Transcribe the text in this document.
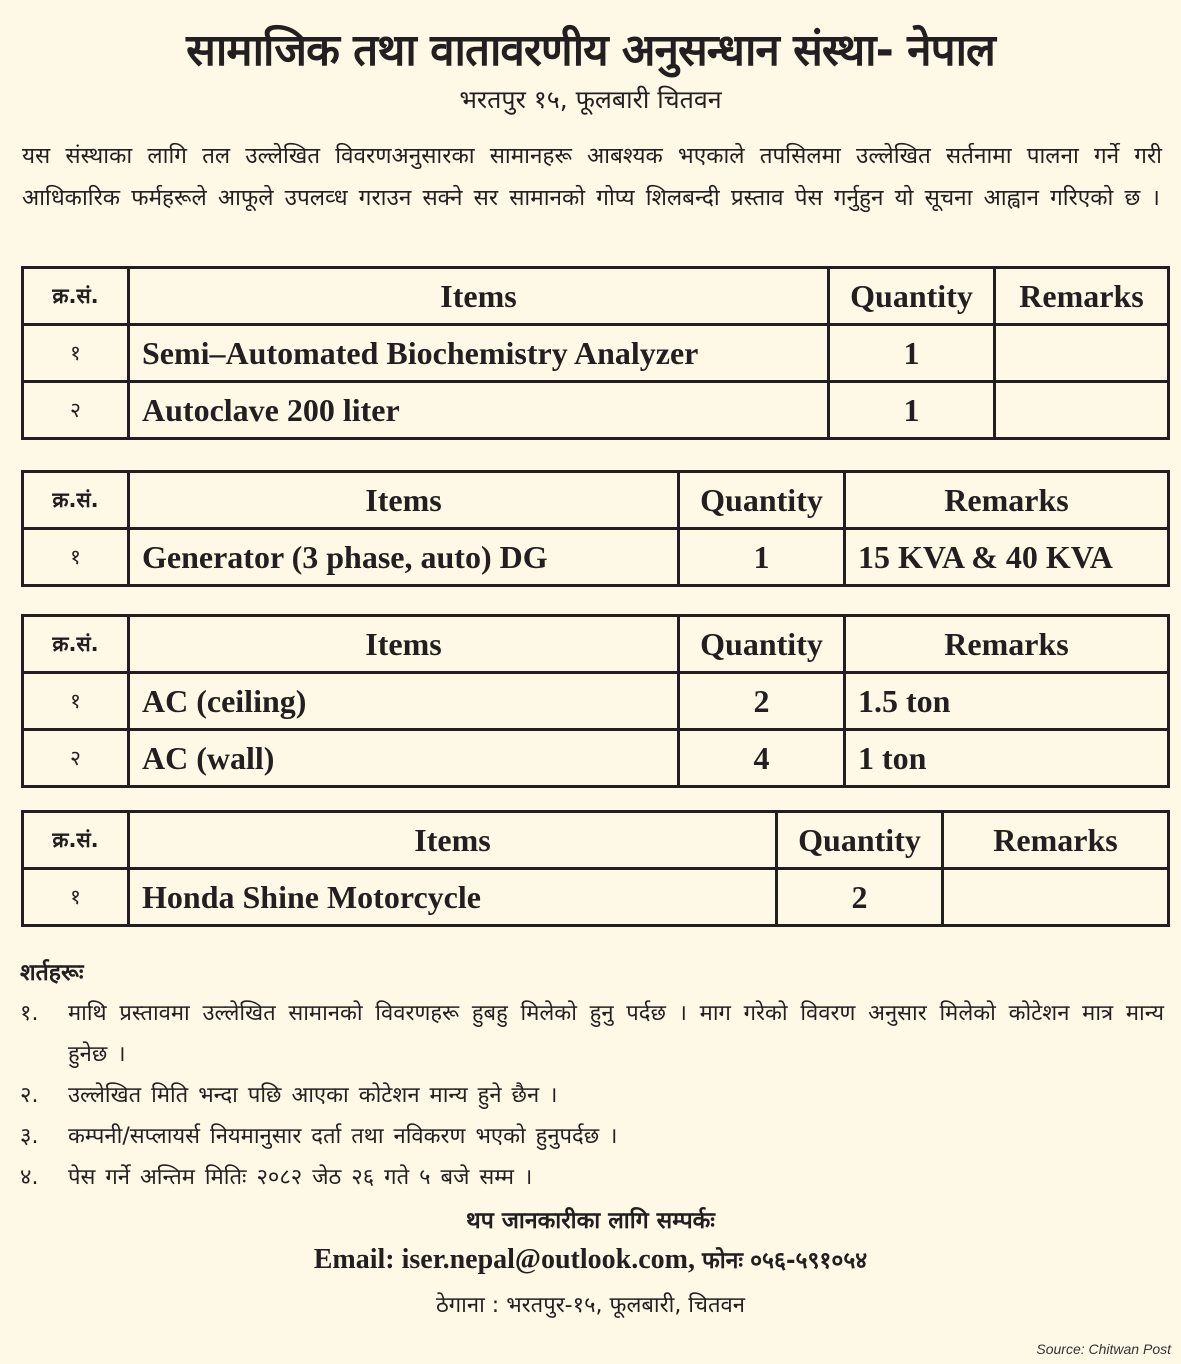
सामाजिक तथा वातावरणीय अनुसन्धान संस्था- नेपाल
भरतपुर १५, फूलबारी चितवन
यस संस्थाका लागि तल उल्लेखित विवरणअनुसारका सामानहरू आबश्यक भएकाले तपसिलमा उल्लेखित सर्तनामा पालना गर्ने गरी आधिकारिक फर्महरूले आफूले उपलव्ध गराउन सक्ने सर सामानको गोप्य शिलबन्दी प्रस्ताव पेस गर्नुहुन यो सूचना आह्वान गरिएको छ ।
क्र.सं.	Items	Quantity	Remarks
१	Semi–Automated Biochemistry Analyzer	1	
२	Autoclave 200 liter	1	
क्र.सं.	Items	Quantity	Remarks
१	Generator (3 phase, auto) DG	1	15 KVA & 40 KVA
क्र.सं.	Items	Quantity	Remarks
१	AC (ceiling)	2	1.5 ton
२	AC (wall)	4	1 ton
क्र.सं.	Items	Quantity	Remarks
१	Honda Shine Motorcycle	2	
शर्तहरूः
१.	माथि प्रस्तावमा उल्लेखित सामानको विवरणहरू हुबहु मिलेको हुनु पर्दछ । माग गरेको विवरण अनुसार मिलेको कोटेशन मात्र मान्य हुनेछ ।
२.	उल्लेखित मिति भन्दा पछि आएका कोटेशन मान्य हुने छैन ।
३.	कम्पनी/सप्लायर्स नियमानुसार दर्ता तथा नविकरण भएको हुनुपर्दछ ।
४.	पेस गर्ने अन्तिम मितिः २०८२ जेठ २६ गते ५ बजे सम्म ।
थप जानकारीका लागि सम्पर्कः
Email: iser.nepal@outlook.com, फोनः ०५६-५९१०५४
ठेगाना : भरतपुर-१५, फूलबारी, चितवन
Source: Chitwan Post
